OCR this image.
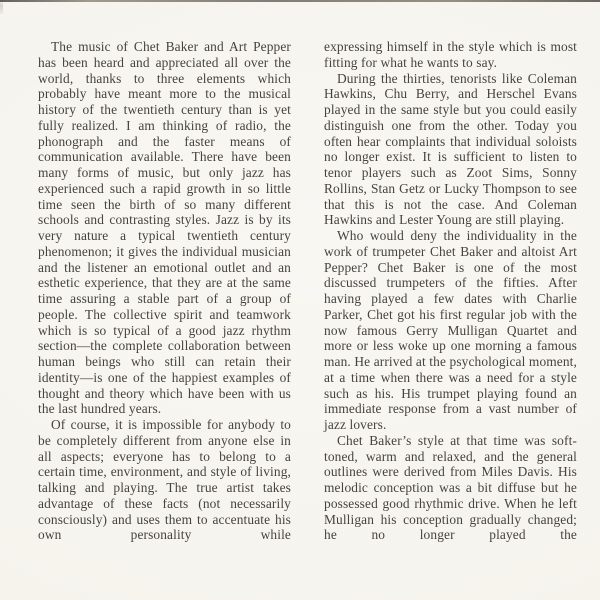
The music of Chet Baker and Art Pepper has been heard and appreciated all over the world, thanks to three elements which probably have meant more to the musical history of the twentieth century than is yet fully realized. I am thinking of radio, the phonograph and the faster means of communication available. There have been many forms of music, but only jazz has experienced such a rapid growth in so little time seen the birth of so many different schools and contrasting styles. Jazz is by its very nature a typical twentieth century phenomenon; it gives the individual musician and the listener an emotional outlet and an esthetic experience, that they are at the same time assuring a stable part of a group of people. The collective spirit and teamwork which is so typical of a good jazz rhythm section—the complete collaboration between human beings who still can retain their identity—is one of the happiest examples of thought and theory which have been with us the last hundred years.

Of course, it is impossible for anybody to be completely different from anyone else in all aspects; everyone has to belong to a certain time, environment, and style of living, talking and playing. The true artist takes advantage of these facts (not necessarily consciously) and uses them to accentuate his own personality while

expressing himself in the style which is most fitting for what he wants to say.

During the thirties, tenorists like Coleman Hawkins, Chu Berry, and Herschel Evans played in the same style but you could easily distinguish one from the other. Today you often hear complaints that individual soloists no longer exist. It is sufficient to listen to tenor players such as Zoot Sims, Sonny Rollins, Stan Getz or Lucky Thompson to see that this is not the case. And Coleman Hawkins and Lester Young are still playing.

Who would deny the individuality in the work of trumpeter Chet Baker and altoist Art Pepper? Chet Baker is one of the most discussed trumpeters of the fifties. After having played a few dates with Charlie Parker, Chet got his first regular job with the now famous Gerry Mulligan Quartet and more or less woke up one morning a famous man. He arrived at the psychological moment, at a time when there was a need for a style such as his. His trumpet playing found an immediate response from a vast number of jazz lovers.

Chet Baker’s style at that time was soft-toned, warm and relaxed, and the general outlines were derived from Miles Davis. His melodic conception was a bit diffuse but he possessed good rhythmic drive. When he left Mulligan his conception gradually changed; he no longer played the
